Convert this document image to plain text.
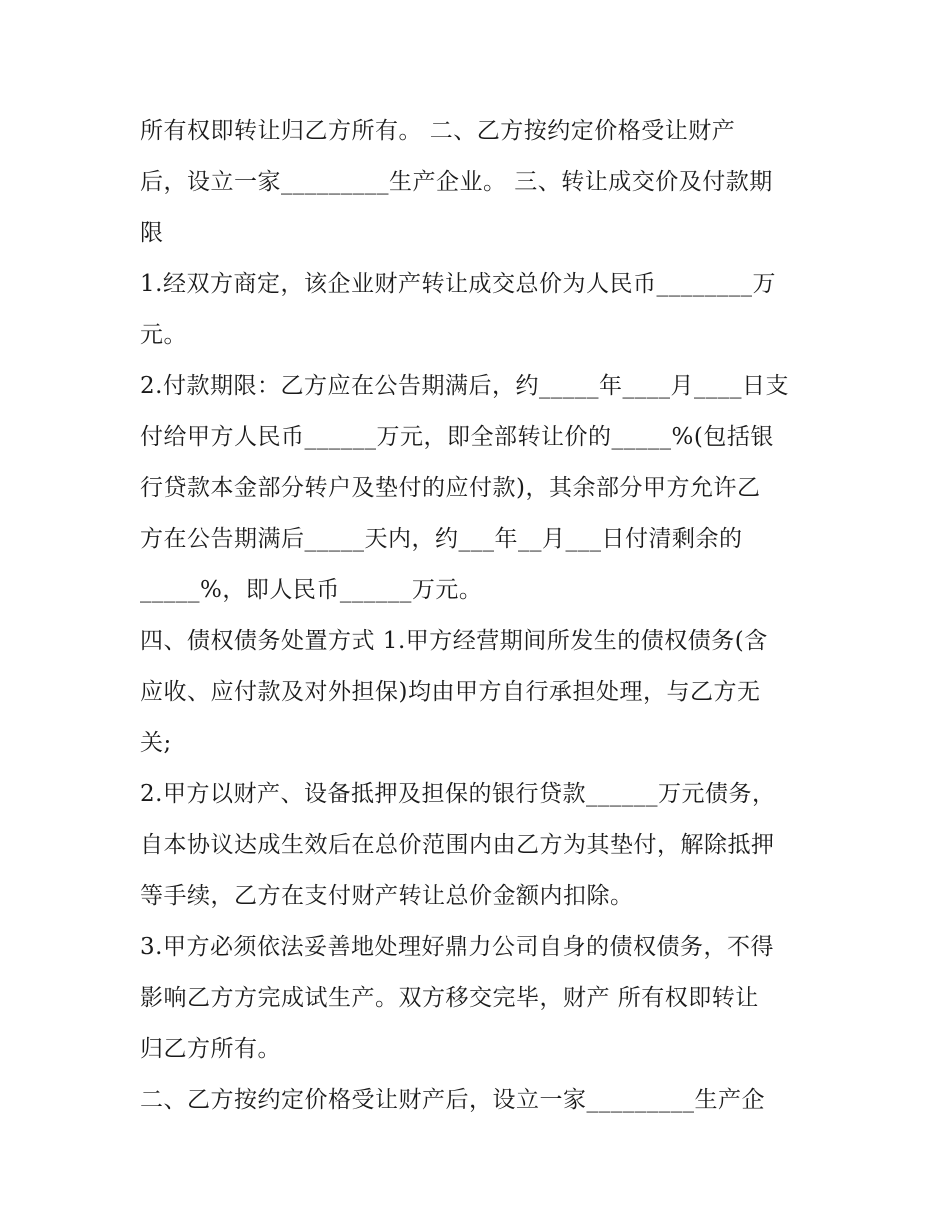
所有权即转让归乙方所有。 二、乙方按约定价格受让财产
后，设立一家_________生产企业。 三、转让成交价及付款期
限
1.经双方商定，该企业财产转让成交总价为人民币________万
元。
2.付款期限：乙方应在公告期满后，约_____年____月____日支
付给甲方人民币______万元，即全部转让价的_____%(包括银
行贷款本金部分转户及垫付的应付款)，其余部分甲方允许乙
方在公告期满后_____天内，约___年__月___日付清剩余的
_____%，即人民币______万元。
四、债权债务处置方式 1.甲方经营期间所发生的债权债务(含
应收、应付款及对外担保)均由甲方自行承担处理，与乙方无
关;
2.甲方以财产、设备抵押及担保的银行贷款______万元债务，
自本协议达成生效后在总价范围内由乙方为其垫付，解除抵押
等手续，乙方在支付财产转让总价金额内扣除。
3.甲方必须依法妥善地处理好鼎力公司自身的债权债务，不得
影响乙方方完成试生产。双方移交完毕，财产 所有权即转让
归乙方所有。
二、乙方按约定价格受让财产后，设立一家_________生产企
